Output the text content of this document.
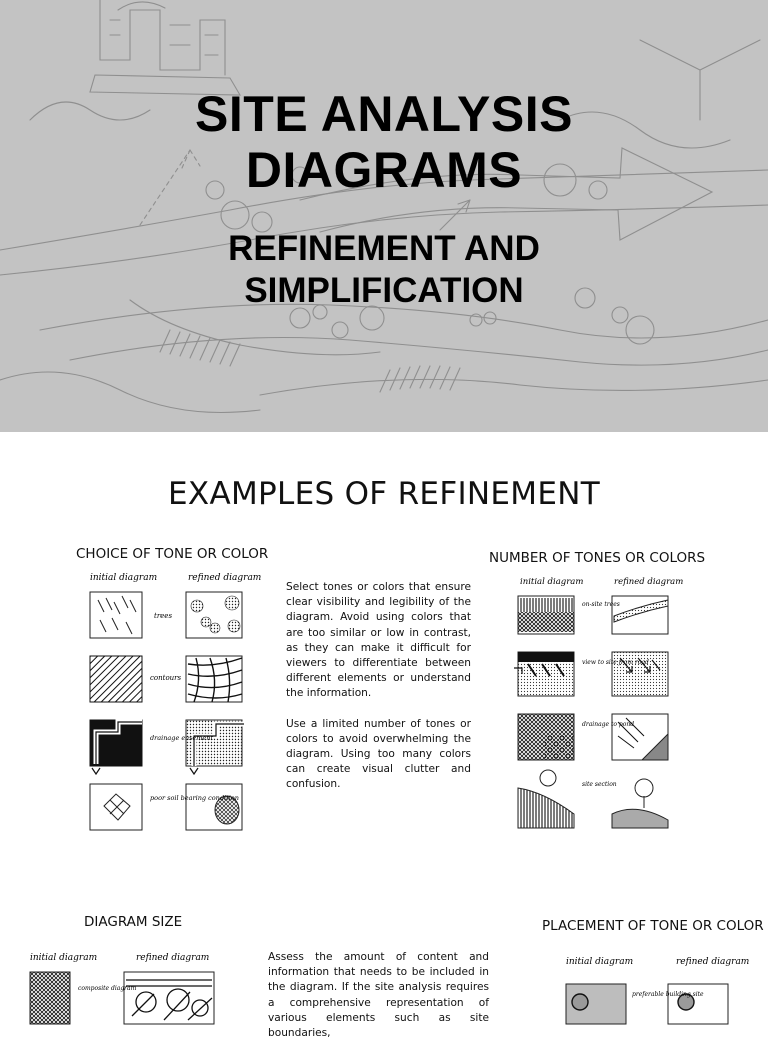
SITE ANALYSIS
DIAGRAMS
REFINEMENT AND
SIMPLIFICATION
EXAMPLES OF REFINEMENT
CHOICE OF TONE OR COLOR
initial diagram	refined diagram
trees
contours
drainage easement
poor soil bearing condition

Select tones or colors that ensure clear visibility and legibility of the diagram. Avoid using colors that are too similar or low in contrast, as they can make it difficult for viewers to differentiate between different elements or understand the information.

Use a limited number of tones or colors to avoid overwhelming the diagram. Using too many colors can create visual clutter and confusion.

NUMBER OF TONES OR COLORS
initial diagram	refined diagram
on-site trees
view to site from road
drainage to pond
site section
DIAGRAM SIZE
initial diagram	refined diagram
composite diagram
Assess the amount of content and information that needs to be included in the diagram. If the site analysis requires a comprehensive representation of various elements such as site boundaries,
PLACEMENT OF TONE OR COLOR
initial diagram	refined diagram
preferable building site
